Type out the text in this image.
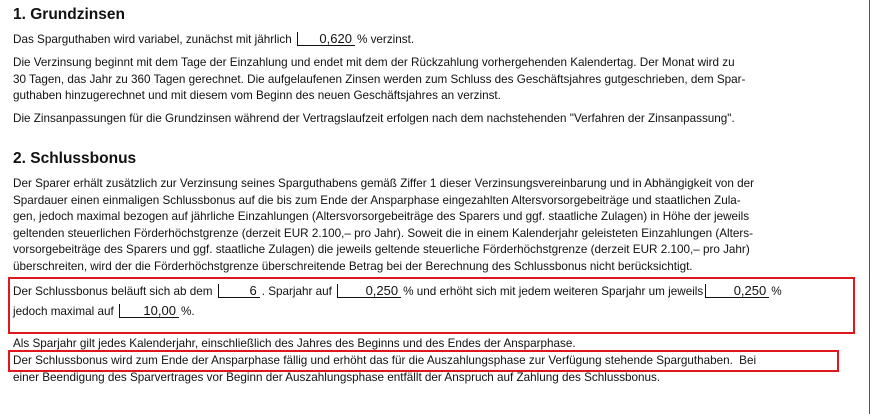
1. Grundzinsen
Das Sparguthaben wird variabel, zunächst mit jährlich 0,620 % verzinst.
Die Verzinsung beginnt mit dem Tage der Einzahlung und endet mit dem der Rückzahlung vorhergehenden Kalendertag. Der Monat wird zu
30 Tagen, das Jahr zu 360 Tagen gerechnet. Die aufgelaufenen Zinsen werden zum Schluss des Geschäftsjahres gutgeschrieben, dem Spar-
guthaben hinzugerechnet und mit diesem vom Beginn des neuen Geschäftsjahres an verzinst.
Die Zinsanpassungen für die Grundzinsen während der Vertragslaufzeit erfolgen nach dem nachstehenden "Verfahren der Zinsanpassung".
2. Schlussbonus
Der Sparer erhält zusätzlich zur Verzinsung seines Sparguthabens gemäß Ziffer 1 dieser Verzinsungsvereinbarung und in Abhängigkeit von der
Spardauer einen einmaligen Schlussbonus auf die bis zum Ende der Ansparphase eingezahlten Altersvorsorgebeiträge und staatlichen Zula-
gen, jedoch maximal bezogen auf jährliche Einzahlungen (Altersvorsorgebeiträge des Sparers und ggf. staatliche Zulagen) in Höhe der jeweils
geltenden steuerlichen Förderhöchstgrenze (derzeit EUR 2.100,– pro Jahr). Soweit die in einem Kalenderjahr geleisteten Einzahlungen (Alters-
vorsorgebeiträge des Sparers und ggf. staatliche Zulagen) die jeweils geltende steuerliche Förderhöchstgrenze (derzeit EUR 2.100,– pro Jahr)
überschreiten, wird der die Förderhöchstgrenze überschreitende Betrag bei der Berechnung des Schlussbonus nicht berücksichtigt.
Der Schlussbonus beläuft sich ab dem	6 . Sparjahr auf	0,250 % und erhöht sich mit jedem weiteren Sparjahr um jeweils 0,250 %
jedoch maximal auf 10,00 %.
Als Sparjahr gilt jedes Kalenderjahr, einschließlich des Jahres des Beginns und des Endes der Ansparphase.
Der Schlussbonus wird zum Ende der Ansparphase fällig und erhöht das für die Auszahlungsphase zur Verfügung stehende Sparguthaben. Bei
einer Beendigung des Sparvertrages vor Beginn der Auszahlungsphase entfällt der Anspruch auf Zahlung des Schlussbonus.
